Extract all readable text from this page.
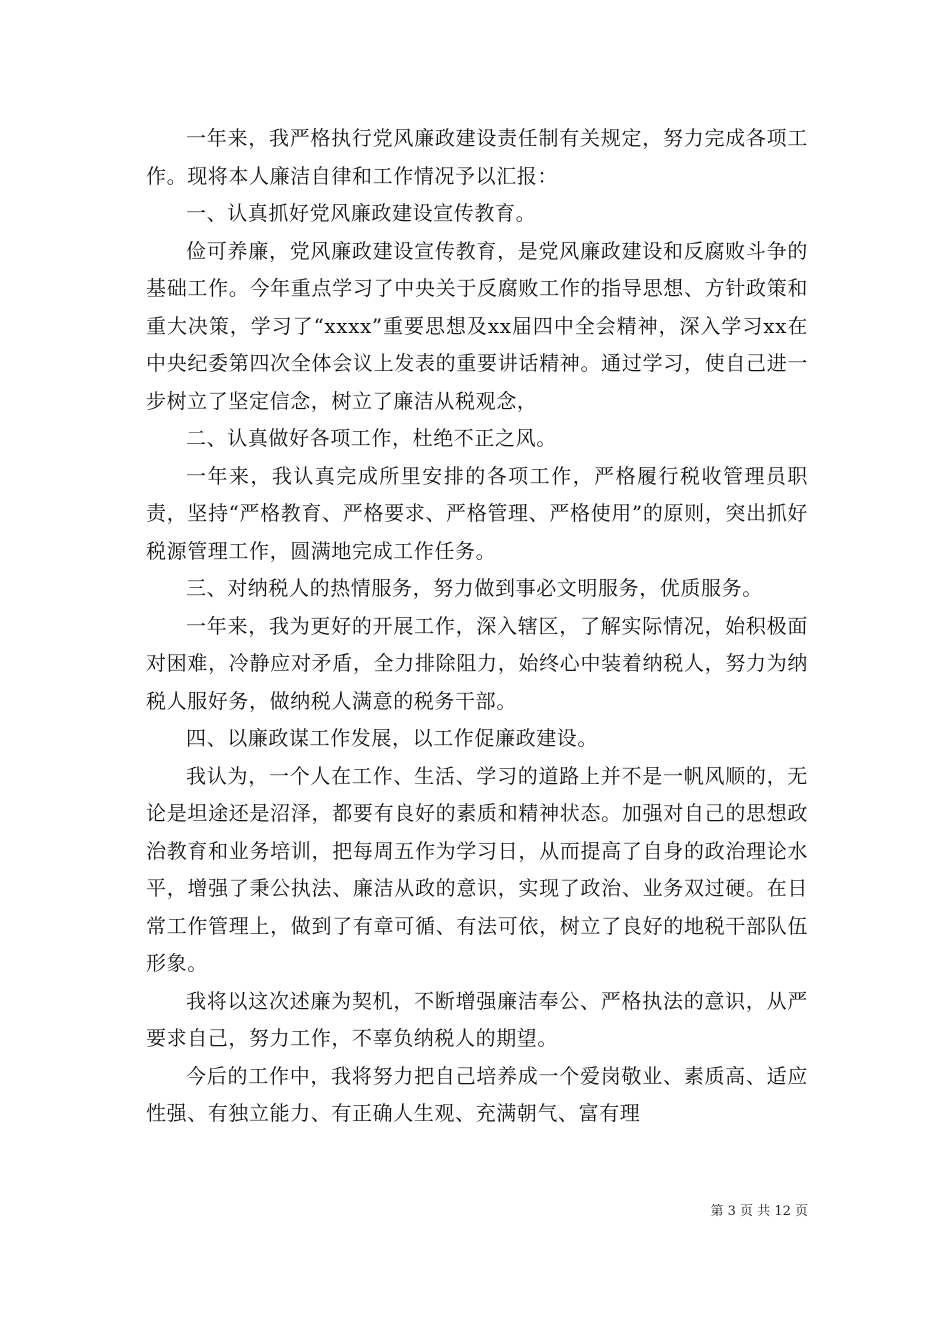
一年来，我严格执行党风廉政建设责任制有关规定，努力完成各项工作。现将本人廉洁自律和工作情况予以汇报：

一、认真抓好党风廉政建设宣传教育。

俭可养廉，党风廉政建设宣传教育，是党风廉政建设和反腐败斗争的基础工作。今年重点学习了中央关于反腐败工作的指导思想、方针政策和重大决策，学习了“xxxx”重要思想及xx届四中全会精神，深入学习xx在中央纪委第四次全体会议上发表的重要讲话精神。通过学习，使自己进一步树立了坚定信念，树立了廉洁从税观念，

二、认真做好各项工作，杜绝不正之风。

一年来，我认真完成所里安排的各项工作，严格履行税收管理员职责，坚持“严格教育、严格要求、严格管理、严格使用”的原则，突出抓好税源管理工作，圆满地完成工作任务。

三、对纳税人的热情服务，努力做到事必文明服务，优质服务。

一年来，我为更好的开展工作，深入辖区，了解实际情况，始积极面对困难，冷静应对矛盾，全力排除阻力，始终心中装着纳税人，努力为纳税人服好务，做纳税人满意的税务干部。

四、以廉政谋工作发展，以工作促廉政建设。

我认为，一个人在工作、生活、学习的道路上并不是一帆风顺的，无论是坦途还是沼泽，都要有良好的素质和精神状态。加强对自己的思想政治教育和业务培训，把每周五作为学习日，从而提高了自身的政治理论水平，增强了秉公执法、廉洁从政的意识，实现了政治、业务双过硬。在日常工作管理上，做到了有章可循、有法可依，树立了良好的地税干部队伍形象。

我将以这次述廉为契机，不断增强廉洁奉公、严格执法的意识，从严要求自己，努力工作，不辜负纳税人的期望。

今后的工作中，我将努力把自己培养成一个爱岗敬业、素质高、适应性强、有独立能力、有正确人生观、充满朝气、富有理

第 3 页 共 12 页
